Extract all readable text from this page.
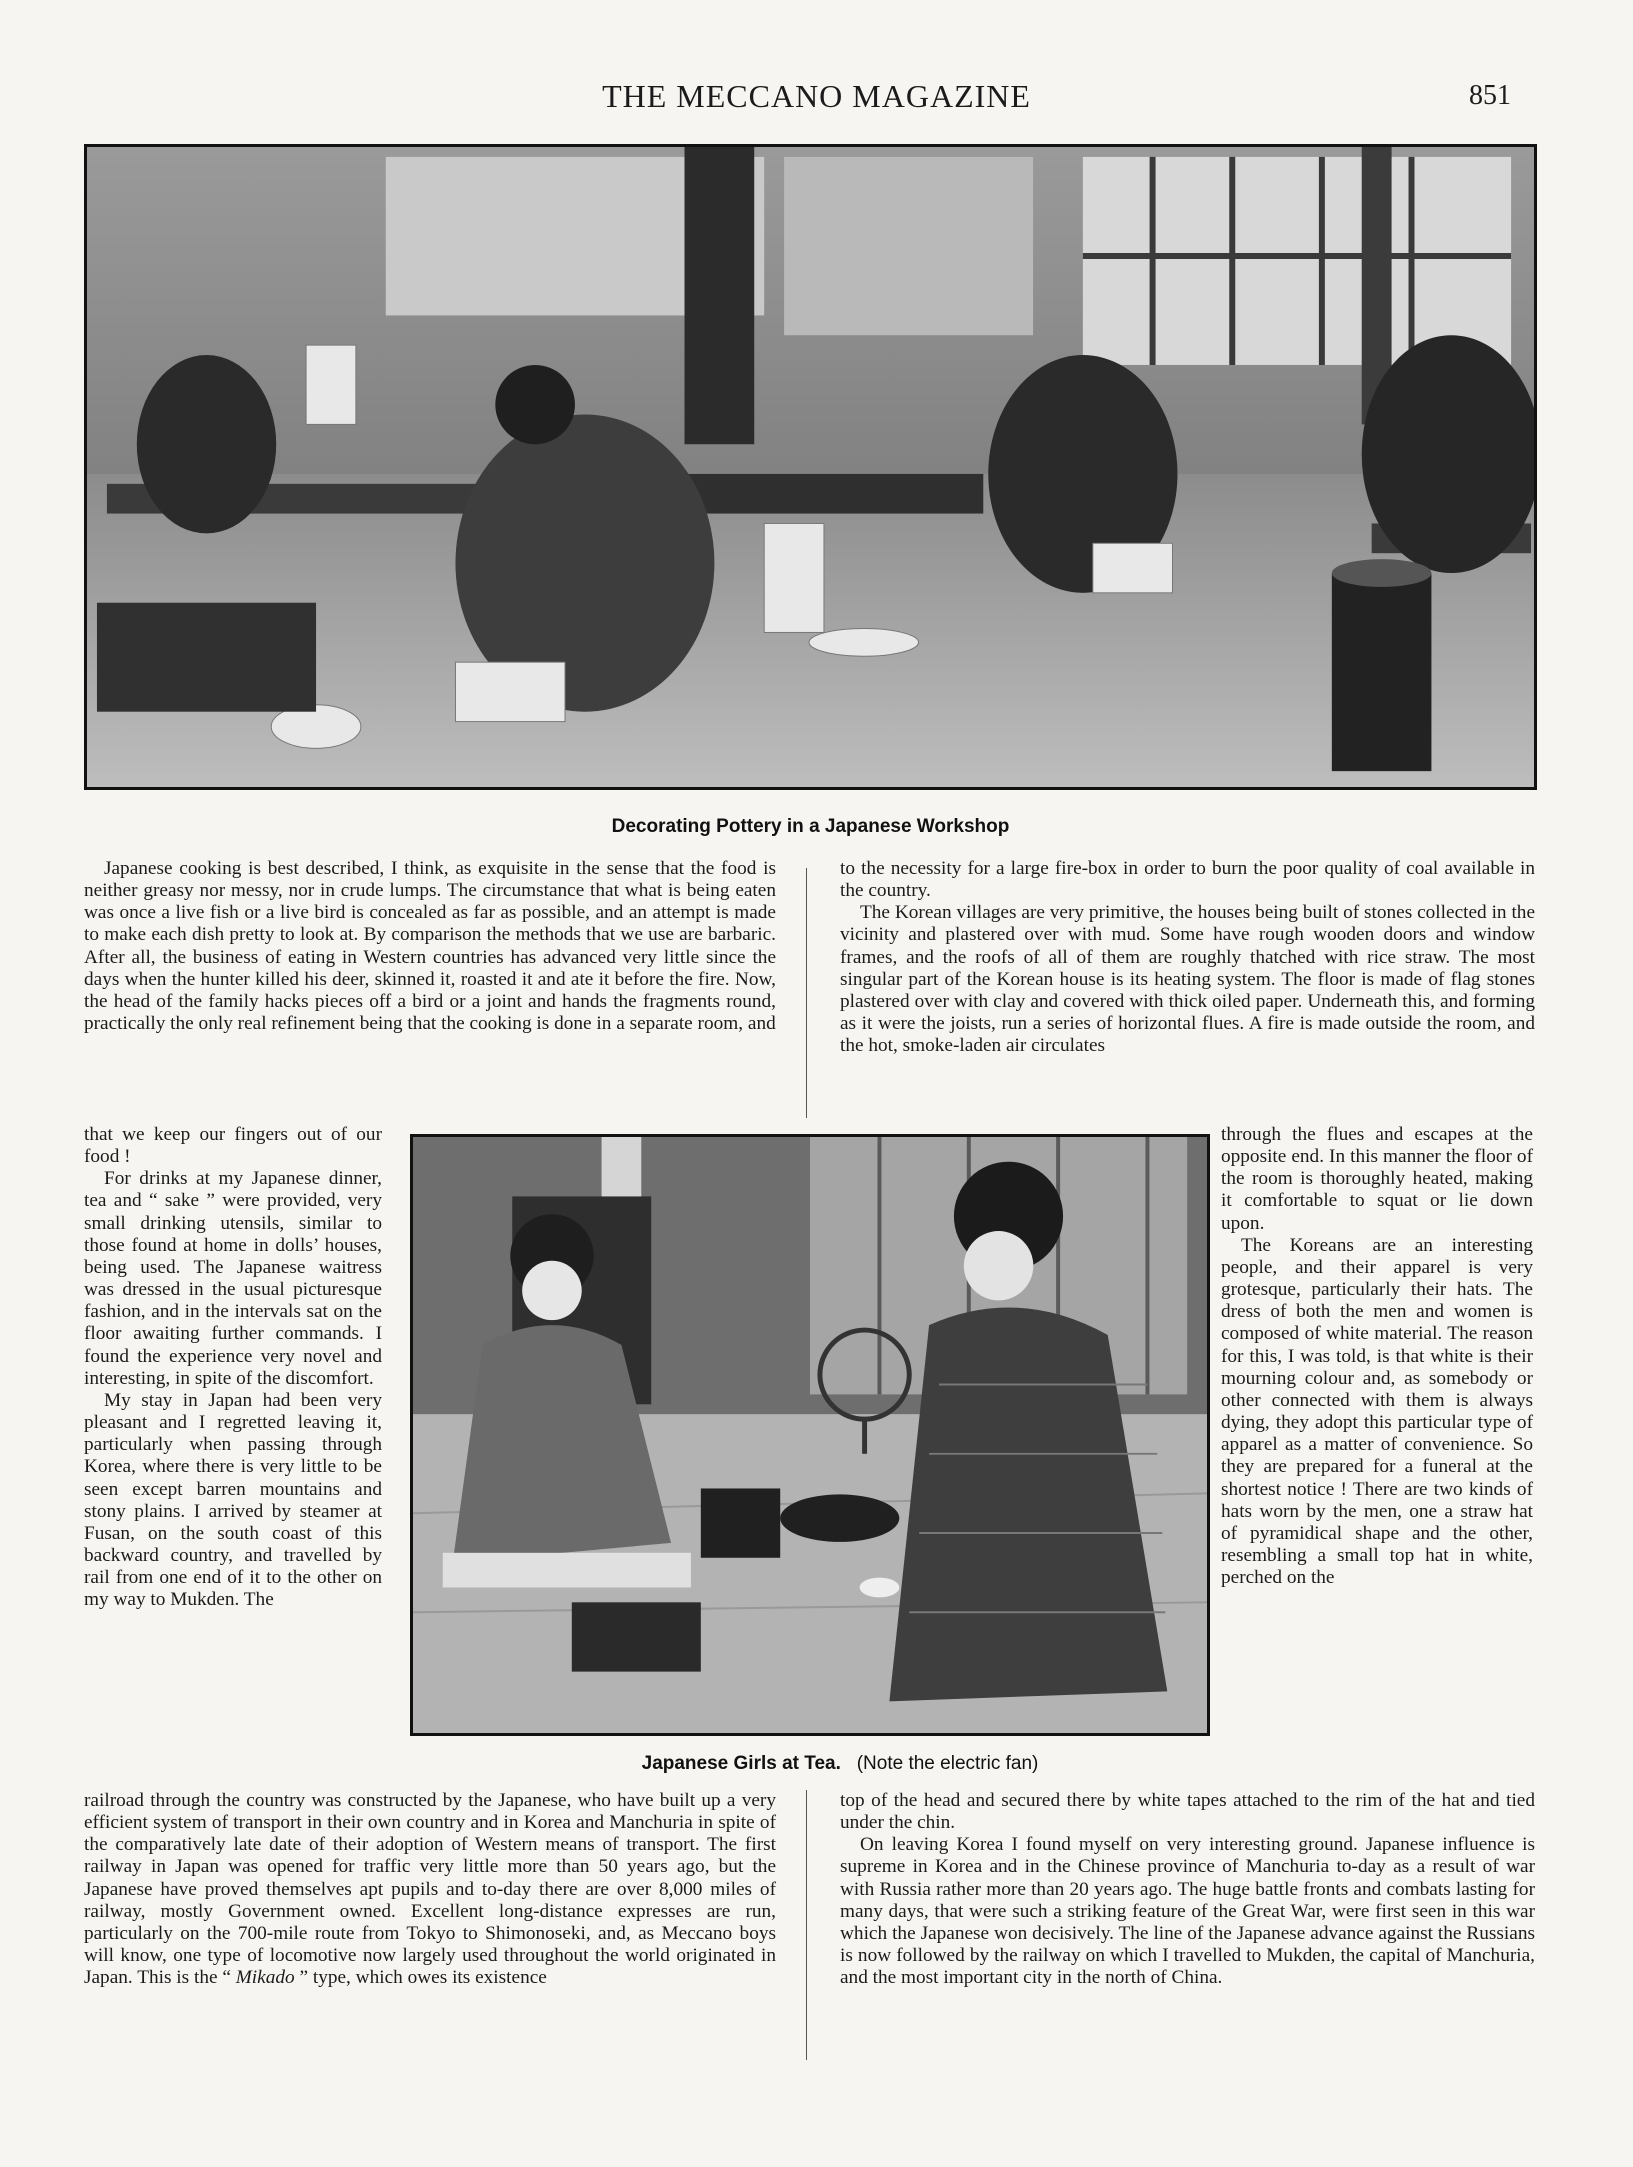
THE MECCANO MAGAZINE	851
Decorating Pottery in a Japanese Workshop

Japanese cooking is best described, I think, as exquisite in the sense that the food is neither greasy nor messy, nor in crude lumps. The circumstance that what is being eaten was once a live fish or a live bird is concealed as far as possible, and an attempt is made to make each dish pretty to look at. By comparison the methods that we use are barbaric. After all, the business of eating in Western countries has advanced very little since the days when the hunter killed his deer, skinned it, roasted it and ate it before the fire. Now, the head of the family hacks pieces off a bird or a joint and hands the fragments round, practically the only real refinement being that the cooking is done in a separate room, and

that we keep our fingers out of our food !

For drinks at my Japanese dinner, tea and “ sake ” were provided, very small drinking utensils, similar to those found at home in dolls’ houses, being used. The Japanese waitress was dressed in the usual picturesque fashion, and in the intervals sat on the floor awaiting further commands. I found the experience very novel and interesting, in spite of the discomfort.

My stay in Japan had been very pleasant and I regretted leaving it, particularly when passing through Korea, where there is very little to be seen except barren mountains and stony plains. I arrived by steamer at Fusan, on the south coast of this backward country, and travelled by rail from one end of it to the other on my way to Mukden. The

railroad through the country was constructed by the Japanese, who have built up a very efficient system of transport in their own country and in Korea and Manchuria in spite of the comparatively late date of their adoption of Western means of transport. The first railway in Japan was opened for traffic very little more than 50 years ago, but the Japanese have proved themselves apt pupils and to-day there are over 8,000 miles of railway, mostly Government owned. Excellent long-distance expresses are run, particularly on the 700-mile route from Tokyo to Shimonoseki, and, as Meccano boys will know, one type of locomotive now largely used throughout the world originated in Japan. This is the “ Mikado ” type, which owes its existence

to the necessity for a large fire-box in order to burn the poor quality of coal available in the country.

The Korean villages are very primitive, the houses being built of stones collected in the vicinity and plastered over with mud. Some have rough wooden doors and window frames, and the roofs of all of them are roughly thatched with rice straw. The most singular part of the Korean house is its heating system. The floor is made of flag stones plastered over with clay and covered with thick oiled paper. Underneath this, and forming as it were the joists, run a series of horizontal flues. A fire is made outside the room, and the hot, smoke-laden air circulates

through the flues and escapes at the opposite end. In this manner the floor of the room is thoroughly heated, making it comfortable to squat or lie down upon.

The Koreans are an interesting people, and their apparel is very grotesque, particularly their hats. The dress of both the men and women is composed of white material. The reason for this, I was told, is that white is their mourning colour and, as somebody or other connected with them is always dying, they adopt this particular type of apparel as a matter of convenience. So they are prepared for a funeral at the shortest notice ! There are two kinds of hats worn by the men, one a straw hat of pyramidical shape and the other, resembling a small top hat in white, perched on the

top of the head and secured there by white tapes attached to the rim of the hat and tied under the chin.

On leaving Korea I found myself on very interesting ground. Japanese influence is supreme in Korea and in the Chinese province of Manchuria to-day as a result of war with Russia rather more than 20 years ago. The huge battle fronts and combats lasting for many days, that were such a striking feature of the Great War, were first seen in this war which the Japanese won decisively. The line of the Japanese advance against the Russians is now followed by the railway on which I travelled to Mukden, the capital of Manchuria, and the most important city in the north of China.

Japanese Girls at Tea. (Note the electric fan)
